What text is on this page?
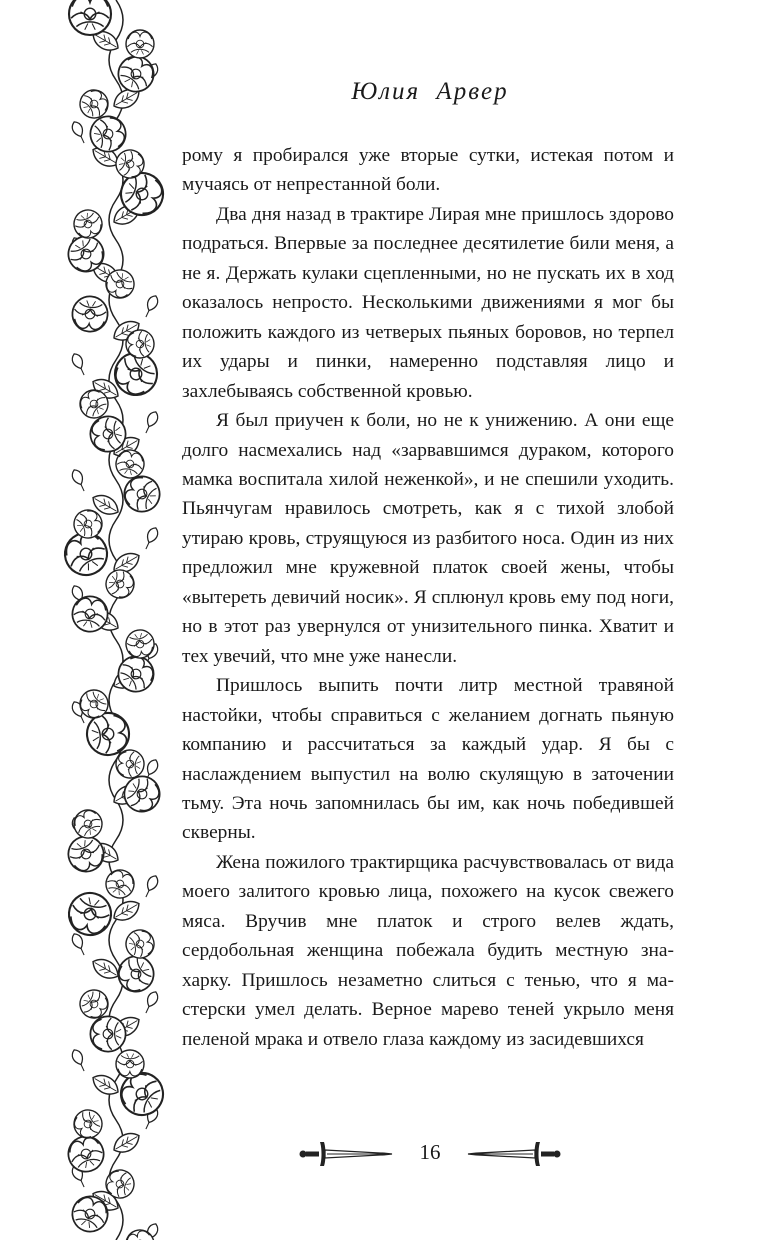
Юлия Арвер

рому я пробирался уже вторые сутки, истекая потом и мучаясь от непрестанной боли.

Два дня назад в трактире Лирая мне пришлось здорово подраться. Впервые за последнее десятилетие били меня, а не я. Держать кулаки сцепленными, но не пускать их в ход оказалось непросто. Несколькими движениями я мог бы положить каждого из четверых пьяных боровов, но терпел их удары и пинки, намеренно подставляя лицо и захлебываясь собственной кровью.

Я был приучен к боли, но не к унижению. А они еще долго насмехались над «зарвавшимся дураком, которого мамка воспитала хилой неженкой», и не спешили уходить. Пьянчугам нравилось смотреть, как я с тихой злобой утираю кровь, струящуюся из разбитого носа. Один из них предложил мне кружевной платок своей жены, чтобы «вытереть девичий носик». Я сплюнул кровь ему под ноги, но в этот раз увернулся от унизительного пинка. Хватит и тех увечий, что мне уже нанесли.

Пришлось выпить почти литр местной травяной настойки, чтобы справиться с желанием догнать пьяную компанию и рассчитаться за каждый удар. Я бы с наслаждением выпустил на волю скулящую в заточении тьму. Эта ночь запомнилась бы им, как ночь победившей скверны.

Жена пожилого трактирщика расчувствовалась от вида моего залитого кровью лица, похожего на кусок свежего мяса. Вручив мне платок и строго велев ждать, сердобольная женщина побежала будить местную знахарку. Пришлось незаметно слиться с тенью, что я мастерски умел делать. Верное марево теней укрыло меня пеленой мрака и отвело глаза каждому из засидевшихся

16
